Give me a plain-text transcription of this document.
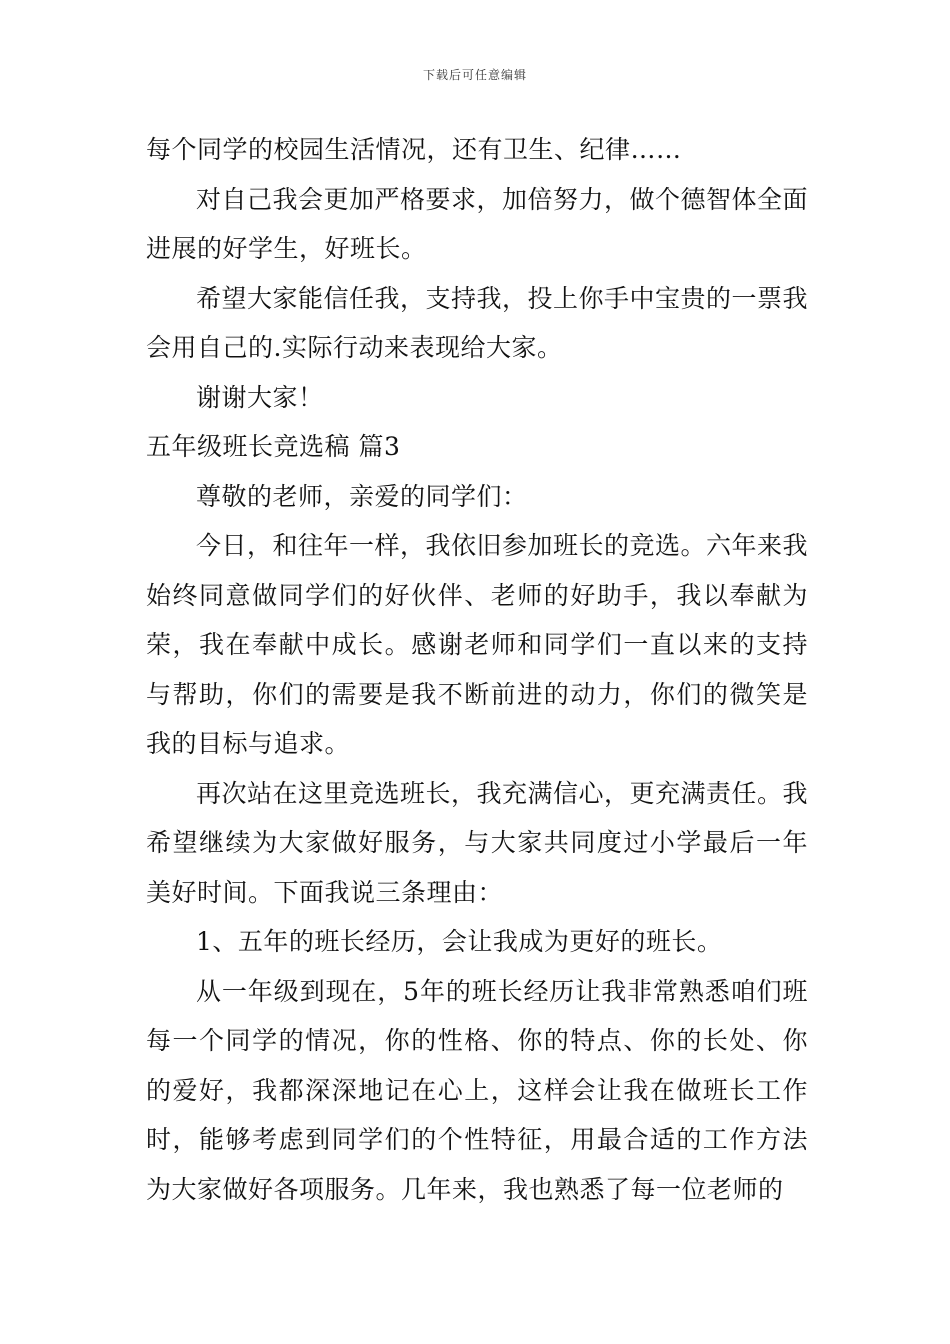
下载后可任意编辑

每个同学的校园生活情况，还有卫生、纪律……

对自己我会更加严格要求，加倍努力，做个德智体全面进展的好学生，好班长。

希望大家能信任我，支持我，投上你手中宝贵的一票我会用自己的.实际行动来表现给大家。

谢谢大家！

五年级班长竞选稿 篇3

尊敬的老师，亲爱的同学们：

今日，和往年一样，我依旧参加班长的竞选。六年来我始终同意做同学们的好伙伴、老师的好助手，我以奉献为荣，我在奉献中成长。感谢老师和同学们一直以来的支持与帮助，你们的需要是我不断前进的动力，你们的微笑是我的目标与追求。

再次站在这里竞选班长，我充满信心，更充满责任。我希望继续为大家做好服务，与大家共同度过小学最后一年美好时间。下面我说三条理由：

1、五年的班长经历，会让我成为更好的班长。

从一年级到现在，5年的班长经历让我非常熟悉咱们班每一个同学的情况，你的性格、你的特点、你的长处、你的爱好，我都深深地记在心上，这样会让我在做班长工作时，能够考虑到同学们的个性特征，用最合适的工作方法为大家做好各项服务。几年来，我也熟悉了每一位老师的
